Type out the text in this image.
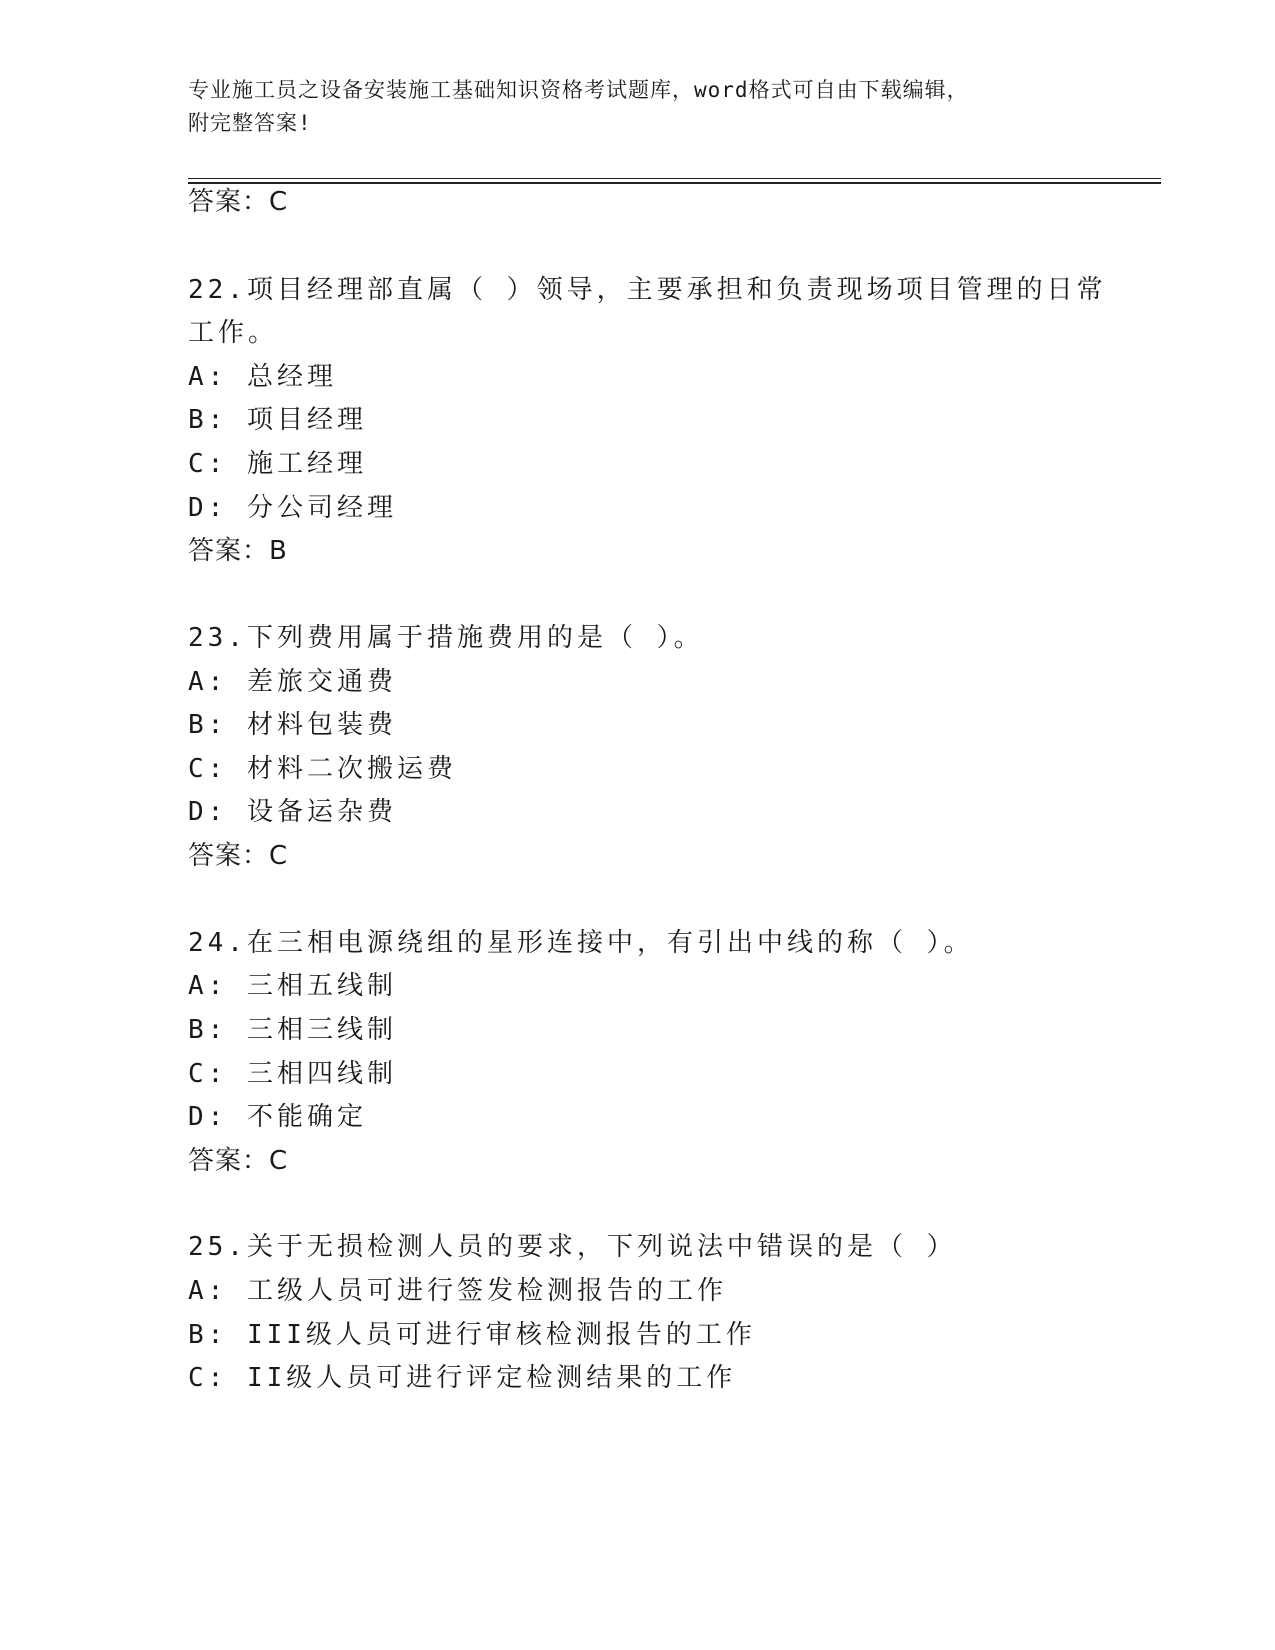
专业施工员之设备安装施工基础知识资格考试题库，word格式可自由下载编辑，
附完整答案!
答案：C
22.项目经理部直属（ ）领导，主要承担和负责现场项目管理的日常
工作。
A: 总经理
B: 项目经理
C: 施工经理
D: 分公司经理
答案：B
23.下列费用属于措施费用的是（ ）。
A: 差旅交通费
B: 材料包装费
C: 材料二次搬运费
D: 设备运杂费
答案：C
24.在三相电源绕组的星形连接中，有引出中线的称（ ）。
A: 三相五线制
B: 三相三线制
C: 三相四线制
D: 不能确定
答案：C
25.关于无损检测人员的要求，下列说法中错误的是（ ）
A: 工级人员可进行签发检测报告的工作
B: III级人员可进行审核检测报告的工作
C: II级人员可进行评定检测结果的工作
